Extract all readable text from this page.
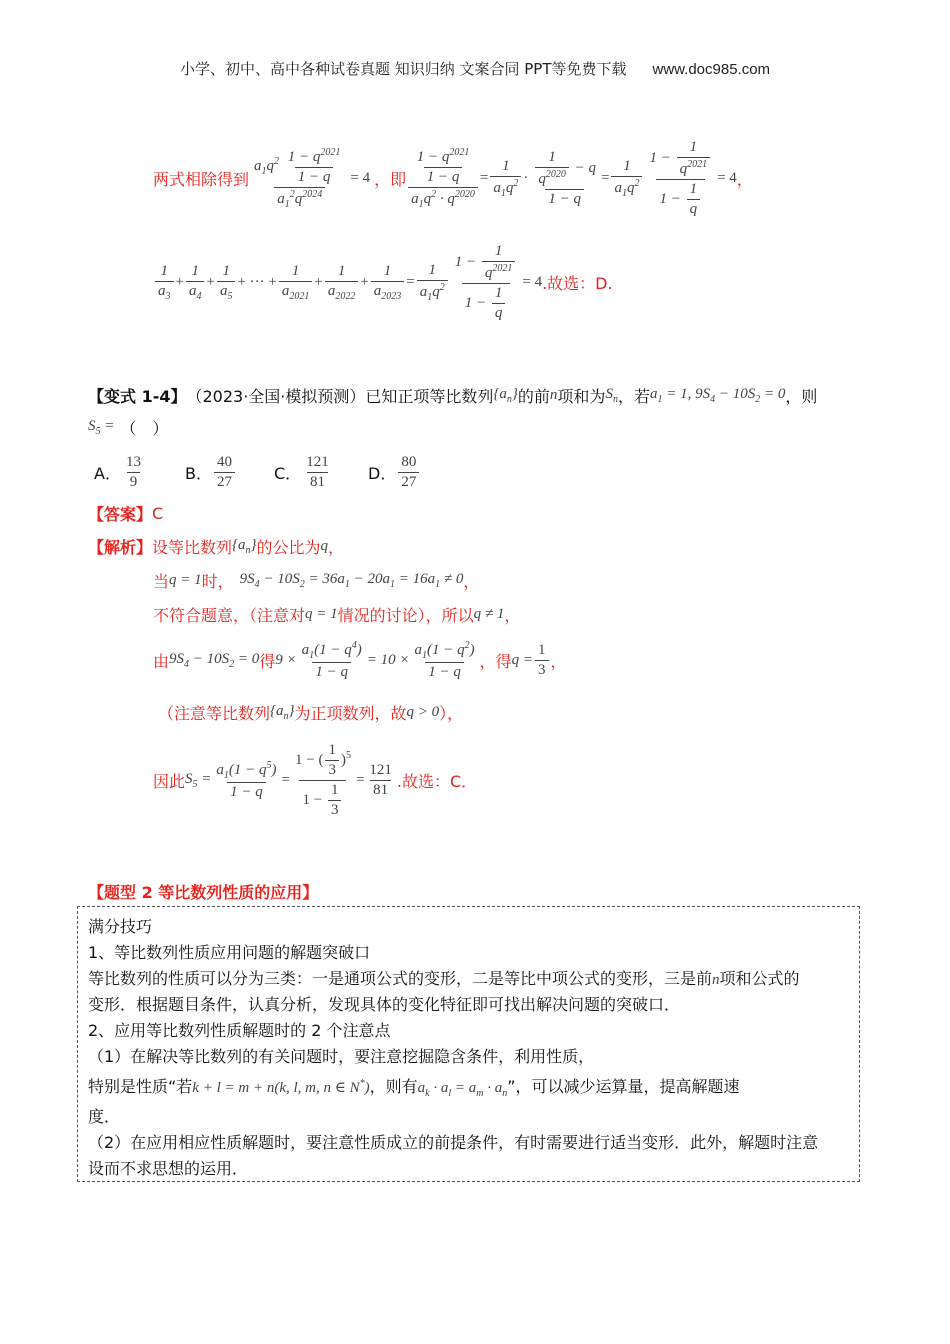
小学、初中、高中各种试卷真题 知识归纳 文案合同 PPT等免费下载 www.doc985.com
两式相除得到 $\frac{a_1q^2 \frac{1 - q^{2021}}{1 - q}}{a_1^2q^{2024}} = 4$ ，即 $\frac{\frac{1 - q^{2021}}{1 - q}}{a_1q^2 \cdot q^{2020}} = \frac{1}{a_1q^2} \cdot \frac{\frac{1}{q^{2020}} - q}{1 - q} = \frac{1}{a_1q^2} \frac{1 - \frac{1}{q^{2021}}}{1 - \frac{1}{q}} = 4$ ，
$\frac{1}{a_3} + \frac{1}{a_4} + \frac{1}{a_5}$ + ··· + $\frac{1}{a_{2021}} + \frac{1}{a_{2022}} + \frac{1}{a_{2023}} = \frac{1}{a_1q^2} \frac{1 - \frac{1}{q^{2021}}}{1 - \frac{1}{q}} = 4$ .故选：D.
【变式 1-4】 （2023·全国·模拟预测） 已知正项等比数列 $\{a_n\}$ 的前 n 项和为 $S_n$ ，若 $a_1 = 1$, $9S_4 - 10S_2 = 0$ ，则
$S_5$ = （　）
A． $\frac{13}{9}$	B． $\frac{40}{27}$ C． $\frac{121}{81}$ D． $\frac{80}{27}$
【答案】 C
【解析】 设等比数列 $\{a_n\}$ 的公比为 q ，
当 q = 1 时， $9S_4 - 10S_2 = 36a_1 - 20a_1 = 16a_1 \ne 0$ ，
不符合题意，（注意对 q = 1 情况的讨论），所以 q ≠ 1 ，
由 $9S_4 - 10S_2 = 0$ 得 $9 \times \frac{a_1(1 - q^4)}{1 - q} = 10 \times \frac{a_1(1 - q^2)}{1 - q}$ ，得 $q = \frac{1}{3}$ ，
（注意等比数列 $\{a_n\}$ 为正项数列，故 q > 0 ），
因此 $S_5 = \frac{a_1(1 - q^5)}{1 - q} = \frac{1 - ( \frac{1}{3} )^5}{1 - \frac{1}{3}} = \frac{121}{81}$ .故选：C．
【题型 2 等比数列性质的应用】
满分技巧
1、等比数列性质应用问题的解题突破口
等比数列的性质可以分为三类：一是通项公式的变形，二是等比中项公式的变形，三是前n项和公式的
变形．根据题目条件，认真分析，发现具体的变化特征即可找出解决问题的突破口．
2、应用等比数列性质解题时的 2 个注意点
（1）在解决等比数列的有关问题时，要注意挖掘隐含条件，利用性质，
特别是性质“若k + l = m + n(k, l, m, n ∈ N*)，则有$a_k \cdot a_l = a_m \cdot a_n$”，可以减少运算量，提高解题速
度．
（2）在应用相应性质解题时，要注意性质成立的前提条件，有时需要进行适当变形．此外，解题时注意
设而不求思想的运用．
